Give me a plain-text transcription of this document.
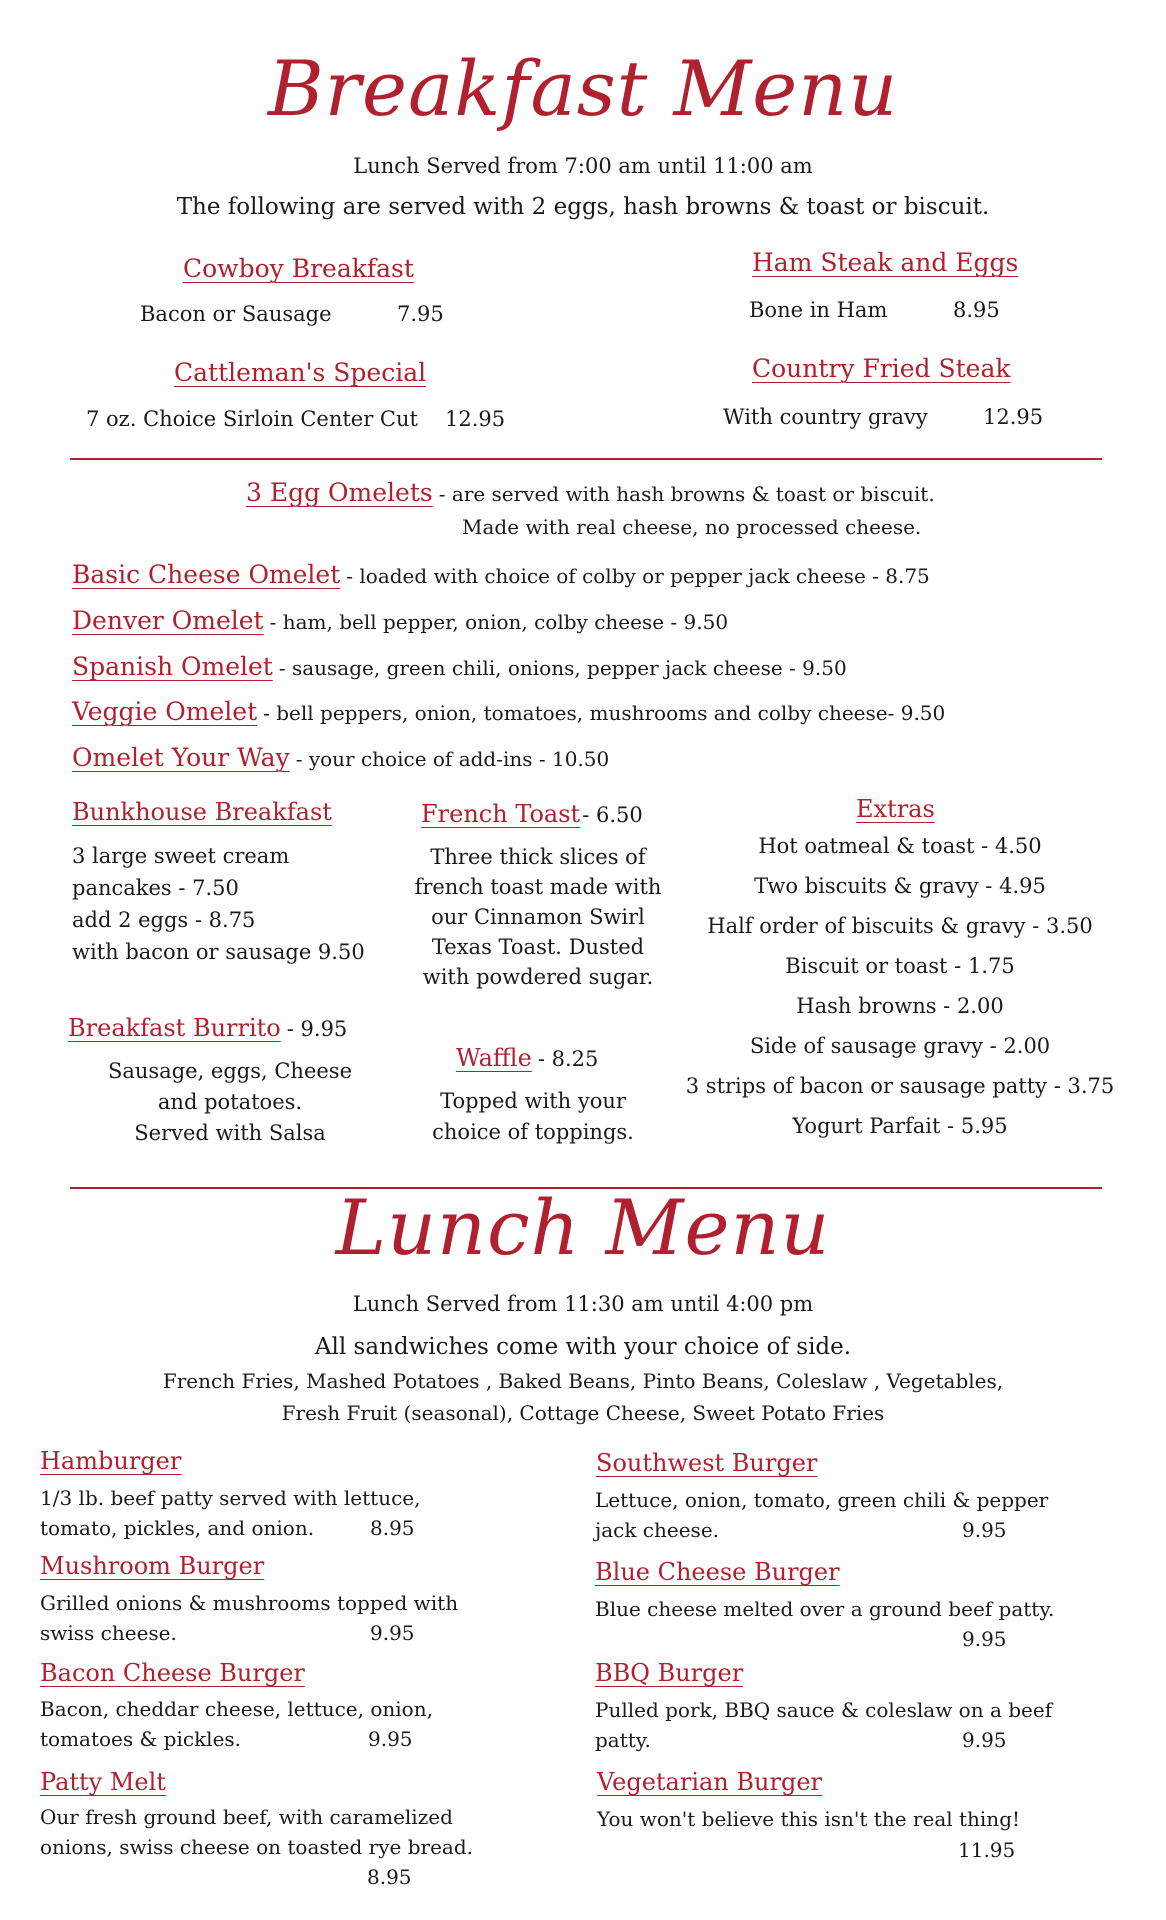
Breakfast Menu
Lunch Served from 7:00 am until 11:00 am
The following are served with 2 eggs, hash browns & toast or biscuit.
Cowboy Breakfast
Bacon or Sausage	7.95
Cattleman's Special
7 oz. Choice Sirloin Center Cut 12.95
Ham Steak and Eggs
Bone in Ham	8.95
Country Fried Steak
With country gravy	12.95
3 Egg Omelets - are served with hash browns & toast or biscuit.
Made with real cheese, no processed cheese.
Basic Cheese Omelet - loaded with choice of colby or pepper jack cheese - 8.75
Denver Omelet - ham, bell pepper, onion, colby cheese - 9.50
Spanish Omelet - sausage, green chili, onions, pepper jack cheese - 9.50
Veggie Omelet - bell peppers, onion, tomatoes, mushrooms and colby cheese- 9.50
Omelet Your Way - your choice of add-ins - 10.50
Bunkhouse Breakfast
3 large sweet cream
pancakes - 7.50
add 2 eggs - 8.75
with bacon or sausage 9.50
Breakfast Burrito - 9.95
Sausage, eggs, Cheese
and potatoes.
Served with Salsa
French Toast- 6.50
Three thick slices of
french toast made with
our Cinnamon Swirl
Texas Toast. Dusted
with powdered sugar.
Waffle - 8.25
Topped with your
choice of toppings.
Extras
Hot oatmeal & toast - 4.50
Two biscuits & gravy - 4.95
Half order of biscuits & gravy - 3.50
Biscuit or toast - 1.75
Hash browns - 2.00
Side of sausage gravy - 2.00
3 strips of bacon or sausage patty - 3.75
Yogurt Parfait - 5.95
Lunch Menu
Lunch Served from 11:30 am until 4:00 pm
All sandwiches come with your choice of side.
French Fries, Mashed Potatoes , Baked Beans, Pinto Beans, Coleslaw , Vegetables,
Fresh Fruit (seasonal), Cottage Cheese, Sweet Potato Fries
Hamburger
1/3 lb. beef patty served with lettuce,
tomato, pickles, and onion.	8.95
Mushroom Burger
Grilled onions & mushrooms topped with
swiss cheese.	9.95
Bacon Cheese Burger
Bacon, cheddar cheese, lettuce, onion,
tomatoes & pickles.	9.95
Patty Melt
Our fresh ground beef, with caramelized
onions, swiss cheese on toasted rye bread.
8.95
Southwest Burger
Lettuce, onion, tomato, green chili & pepper
jack cheese.	9.95
Blue Cheese Burger
Blue cheese melted over a ground beef patty.
9.95
BBQ Burger
Pulled pork, BBQ sauce & coleslaw on a beef
patty.	9.95
Vegetarian Burger
You won't believe this isn't the real thing!
11.95
